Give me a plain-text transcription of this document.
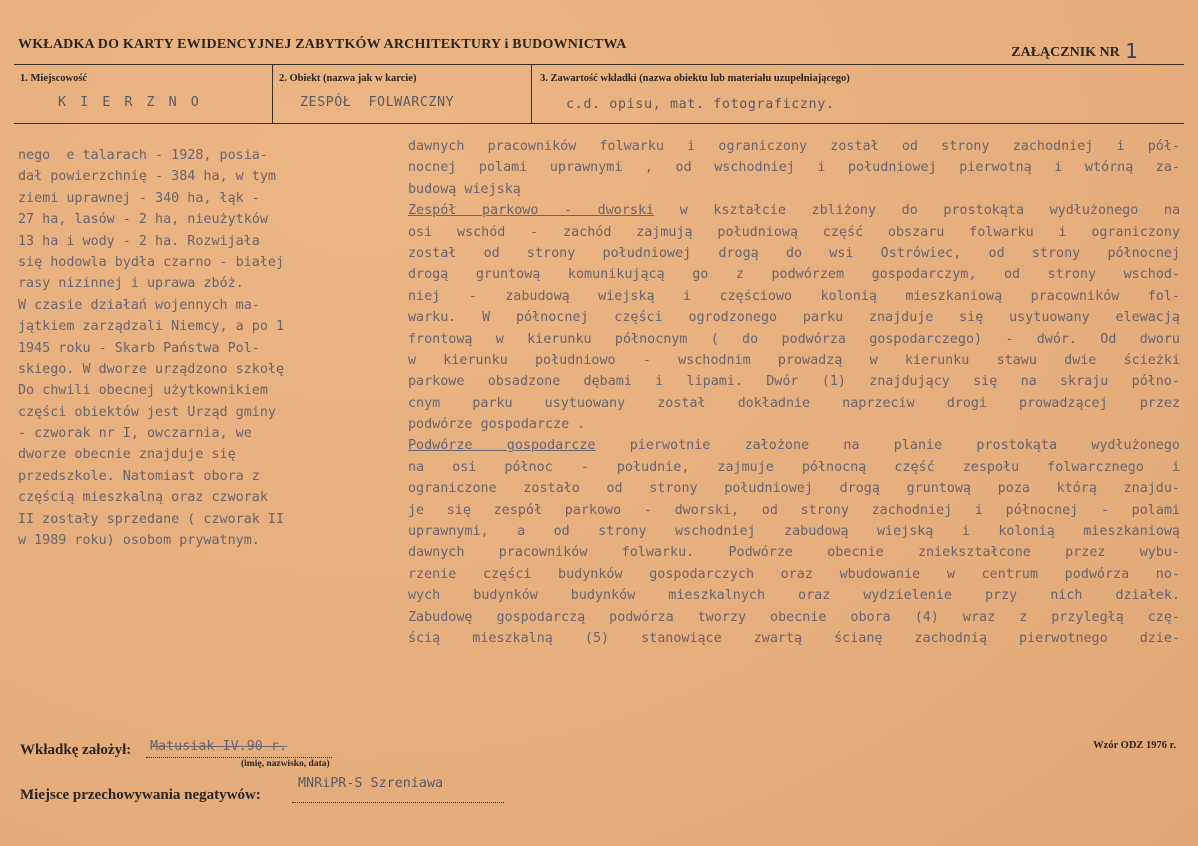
WKŁADKA DO KARTY EWIDENCYJNEJ ZABYTKÓW ARCHITEKTURY i BUDOWNICTWA
ZAŁĄCZNIK NR 1
1. Miejscowość
K I E R Z N O
2. Obiekt (nazwa jak w karcie)
ZESPÓŁ  FOLWARCZNY
3. Zawartość wkładki (nazwa obiektu lub materiału uzupełniającego)
c.d. opisu, mat. fotograficzny.
nego  e talarach - 1928, posia-
dał powierzchnię - 384 ha, w tym
ziemi uprawnej - 340 ha, łąk -
27 ha, lasów - 2 ha, nieużytków
13 ha i wody - 2 ha. Rozwijała
się hodowla bydła czarno - białej
rasy nizinnej i uprawa zbóż.
W czasie działań wojennych ma-
jątkiem zarządzali Niemcy, a po 1
1945 roku - Skarb Państwa Pol-
skiego. W dworze urządzono szkołę
Do chwili obecnej użytkownikiem
części obiektów jest Urząd gminy
- czworak nr I, owczarnia, we
dworze obecnie znajduje się
przedszkole. Natomiast obora z
częścią mieszkalną oraz czworak
II zostały sprzedane ( czworak II
w 1989 roku) osobom prywatnym.
dawnych pracowników folwarku i ograniczony został od strony zachodniej i pół-
nocnej polami uprawnymi , od wschodniej i południowej pierwotną i wtórną za-
budową wiejską
Zespół parkowo - dworski w kształcie zbliżony do prostokąta wydłużonego na
osi wschód - zachód zajmują południową część obszaru folwarku i ograniczony
został od strony południowej drogą do wsi Ostrówiec, od strony północnej
drogą gruntową komunikującą go z podwórzem gospodarczym, od strony wschod-
niej - zabudową wiejską i częściowo kolonią mieszkaniową pracowników fol-
warku. W północnej części ogrodzonego parku znajduje się usytuowany elewacją
frontową w kierunku północnym ( do podwórza gospodarczego) - dwór. Od dworu
w kierunku południowo - wschodnim prowadzą w kierunku stawu dwie ścieżki
parkowe obsadzone dębami i lipami. Dwór (1) znajdujący się na skraju półno-
cnym parku usytuowany został dokładnie naprzeciw drogi prowadzącej przez
podwórze gospodarcze .
Podwórze gospodarcze pierwotnie założone na planie prostokąta wydłużonego
na osi północ - południe, zajmuje północną część zespołu folwarcznego i
ograniczone zostało od strony południowej drogą gruntową poza którą znajdu-
je się zespół parkowo - dworski, od strony zachodniej i północnej - polami
uprawnymi, a od strony wschodniej zabudową wiejską i kolonią mieszkaniową
dawnych pracowników folwarku. Podwórze obecnie zniekształcone przez wybu-
rzenie części budynków gospodarczych oraz wbudowanie w centrum podwórza no-
wych budynków budynków mieszkalnych oraz wydzielenie przy nich działek.
Zabudowę gospodarczą podwórza tworzy obecnie obora (4) wraz z przyległą czę-
ścią mieszkalną (5) stanowiące zwartą ścianę zachodnią pierwotnego dzie-
Wkładkę założył: Matusiak IV.90 r.
(imię, nazwisko, data)
Miejsce przechowywania negatywów:
MNRiPR-S Szreniawa
Wzór ODZ 1976 r.
